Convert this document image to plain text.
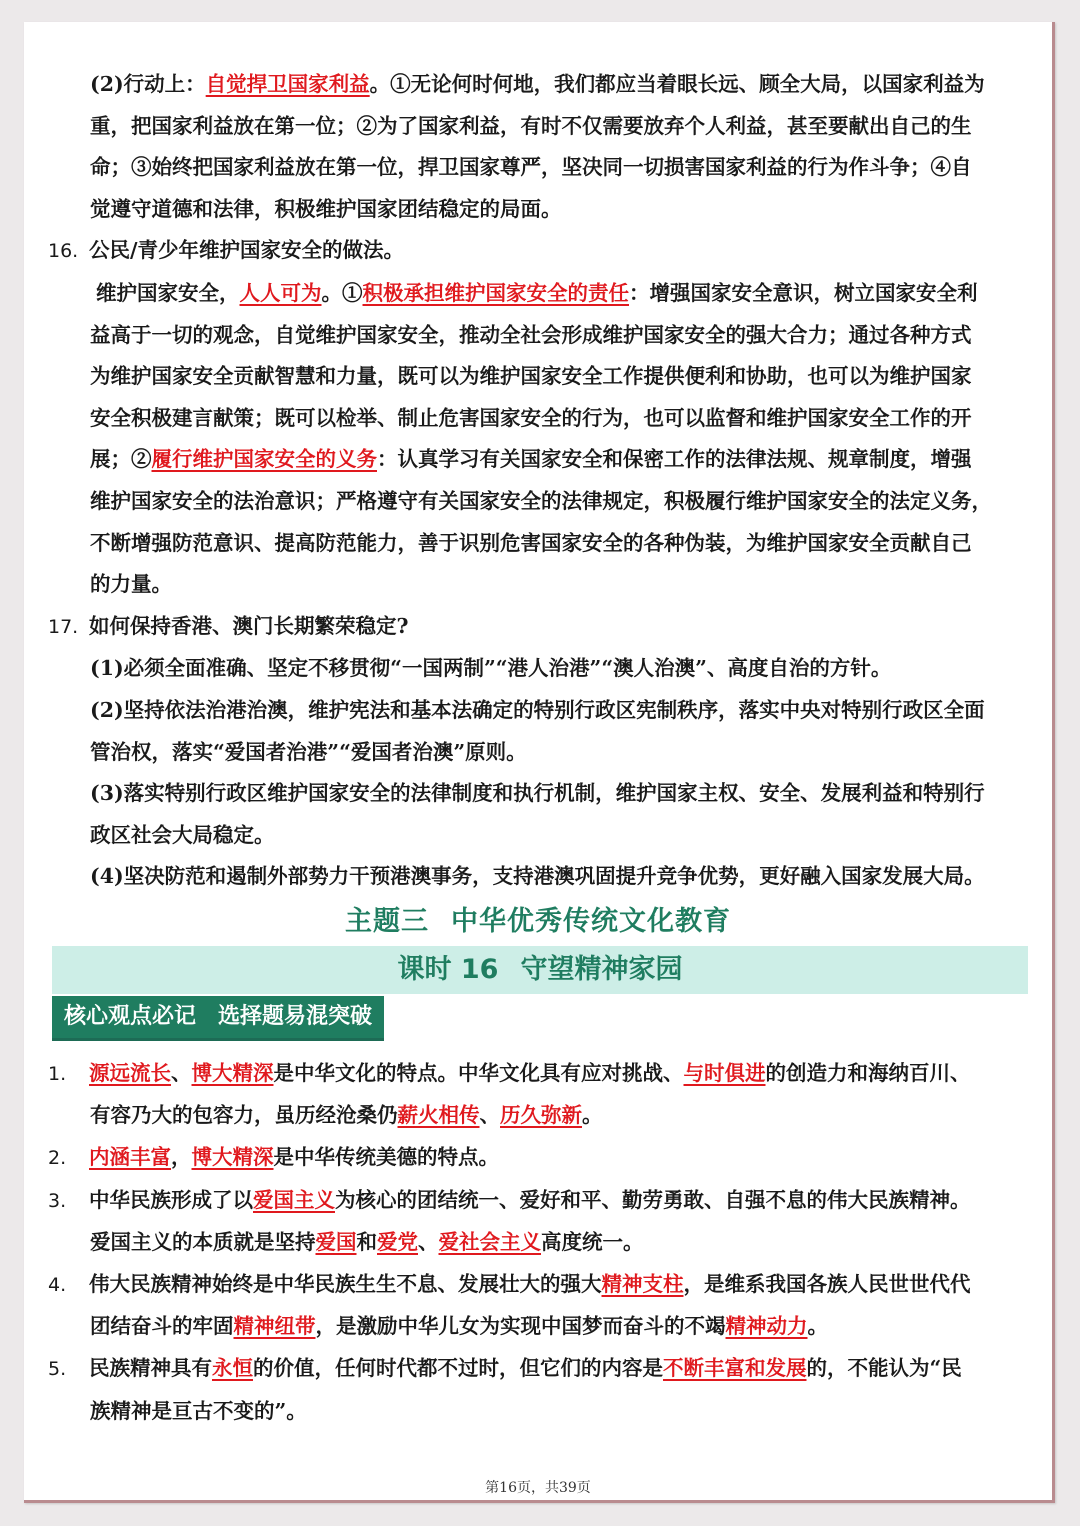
(2)行动上：自觉捍卫国家利益。①无论何时何地，我们都应当着眼长远、顾全大局，以国家利益为

重，把国家利益放在第一位；②为了国家利益，有时不仅需要放弃个人利益，甚至要献出自己的生

命；③始终把国家利益放在第一位，捍卫国家尊严，坚决同一切损害国家利益的行为作斗争；④自

觉遵守道德和法律，积极维护国家团结稳定的局面。

16. 公民/青少年维护国家安全的做法。

维护国家安全，人人可为。①积极承担维护国家安全的责任：增强国家安全意识，树立国家安全利

益高于一切的观念，自觉维护国家安全，推动全社会形成维护国家安全的强大合力；通过各种方式

为维护国家安全贡献智慧和力量，既可以为维护国家安全工作提供便利和协助，也可以为维护国家

安全积极建言献策；既可以检举、制止危害国家安全的行为，也可以监督和维护国家安全工作的开

展；②履行维护国家安全的义务：认真学习有关国家安全和保密工作的法律法规、规章制度，增强

维护国家安全的法治意识；严格遵守有关国家安全的法律规定，积极履行维护国家安全的法定义务，

不断增强防范意识、提高防范能力，善于识别危害国家安全的各种伪装，为维护国家安全贡献自己

的力量。

17. 如何保持香港、澳门长期繁荣稳定?

(1)必须全面准确、坚定不移贯彻“一国两制”“港人治港”“澳人治澳”、高度自治的方针。

(2)坚持依法治港治澳，维护宪法和基本法确定的特别行政区宪制秩序，落实中央对特别行政区全面

管治权，落实“爱国者治港”“爱国者治澳”原则。

(3)落实特别行政区维护国家安全的法律制度和执行机制，维护国家主权、安全、发展利益和特别行

政区社会大局稳定。

(4)坚决防范和遏制外部势力干预港澳事务，支持港澳巩固提升竞争优势，更好融入国家发展大局。

主题三 中华优秀传统文化教育
课时 16 守望精神家园
核心观点必记 选择题易混突破

1. 源远流长、博大精深是中华文化的特点。中华文化具有应对挑战、与时俱进的创造力和海纳百川、

有容乃大的包容力，虽历经沧桑仍薪火相传、历久弥新。

2. 内涵丰富，博大精深是中华传统美德的特点。

3. 中华民族形成了以爱国主义为核心的团结统一、爱好和平、勤劳勇敢、自强不息的伟大民族精神。

爱国主义的本质就是坚持爱国和爱党、爱社会主义高度统一。

4. 伟大民族精神始终是中华民族生生不息、发展壮大的强大精神支柱，是维系我国各族人民世世代代

团结奋斗的牢固精神纽带，是激励中华儿女为实现中国梦而奋斗的不竭精神动力。

5. 民族精神具有永恒的价值，任何时代都不过时，但它们的内容是不断丰富和发展的，不能认为“民

族精神是亘古不变的”。

第16页，共39页
